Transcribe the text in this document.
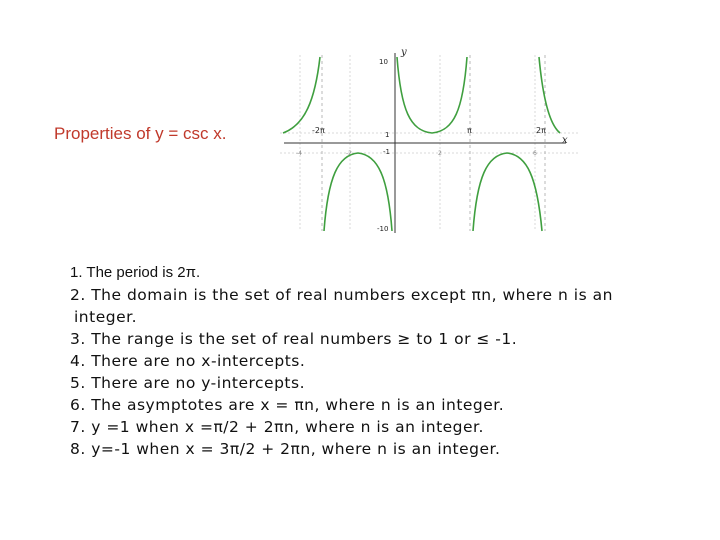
Properties of y = csc x.
y
x
10
-10
1
-1
-2π	π	2π
-4	-2	2	6
1. The period is 2π.
2. The domain is the set of real numbers except πn, where n is an integer.
3. The range is the set of real numbers ≥ to 1 or ≤ -1.
4. There are no x-intercepts.
5. There are no y-intercepts.
6. The asymptotes are x = πn, where n is an integer.
7. y =1 when x =π/2 + 2πn, where n is an integer.
8. y=-1 when x = 3π/2 + 2πn, where n is an integer.
